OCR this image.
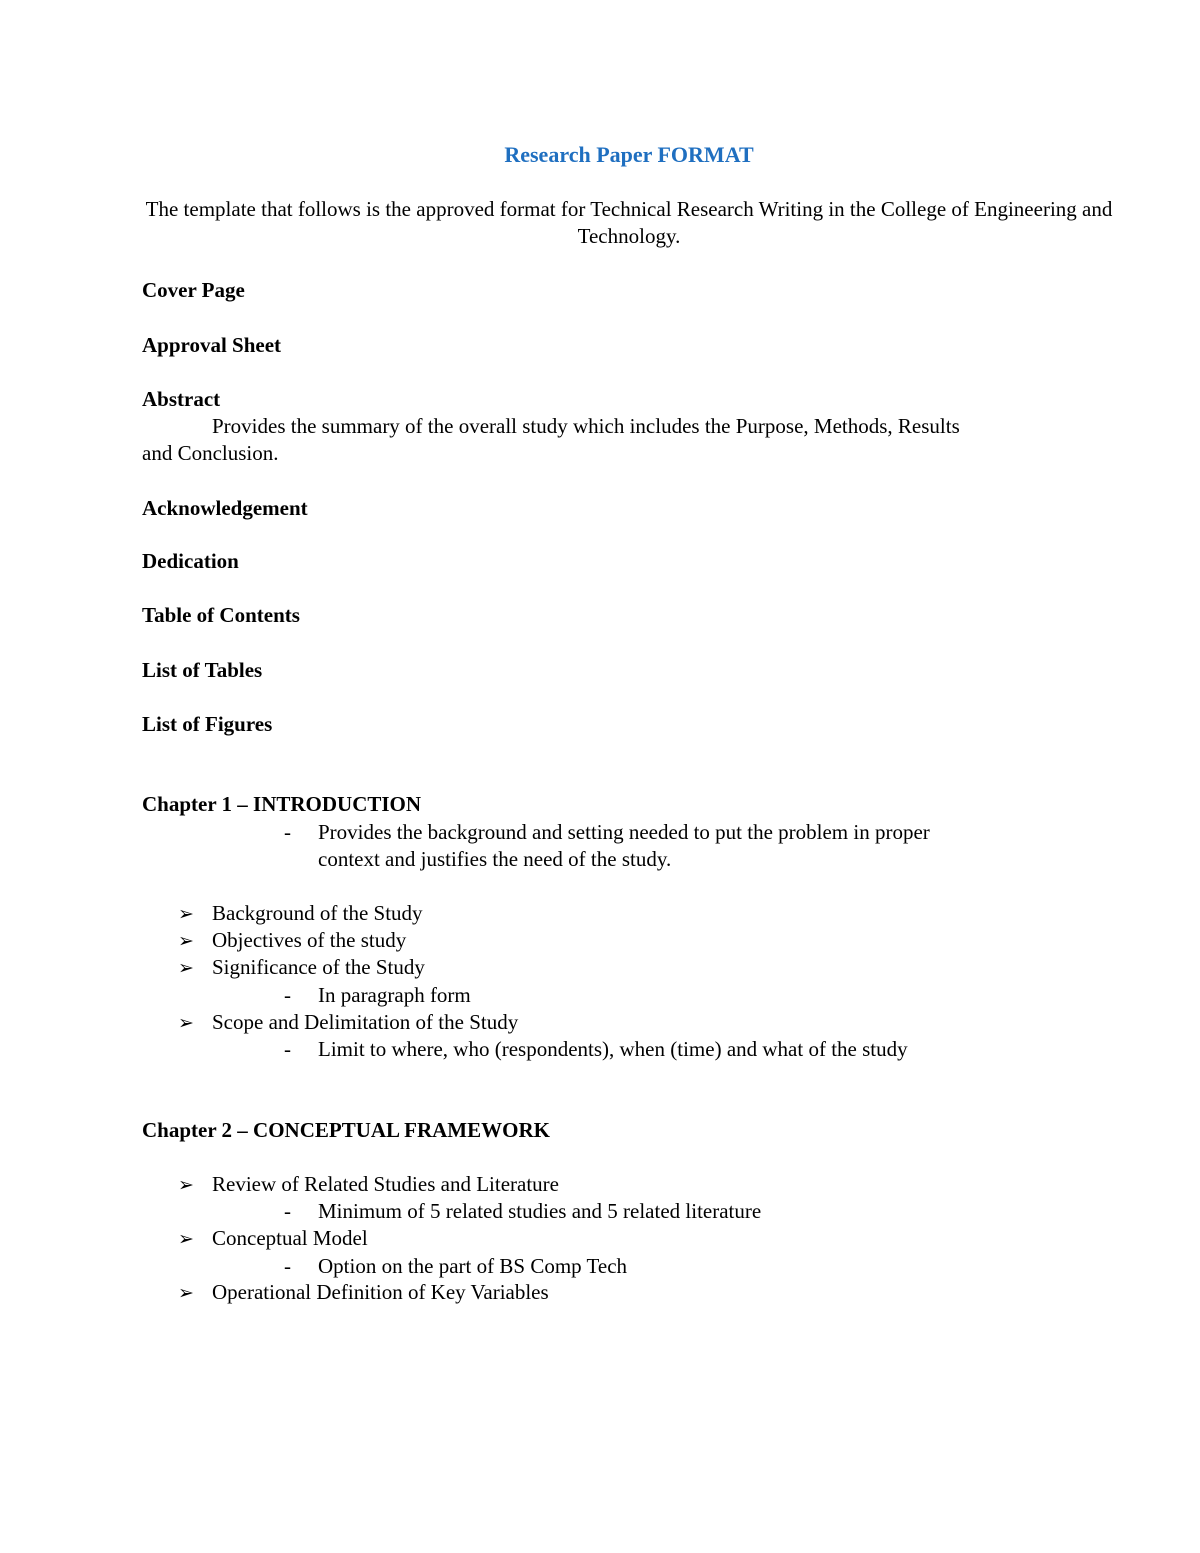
Research Paper FORMAT
The template that follows is the approved format for Technical Research Writing in the College of Engineering and Technology.
Cover Page
Approval Sheet
Abstract
Provides the summary of the overall study which includes the Purpose, Methods, Results
and Conclusion.
Acknowledgement
Dedication
Table of Contents
List of Tables
List of Figures
Chapter 1 – INTRODUCTION
- Provides the background and setting needed to put the problem in proper
context and justifies the need of the study.
➢ Background of the Study
➢ Objectives of the study
➢ Significance of the Study
- In paragraph form
➢ Scope and Delimitation of the Study
- Limit to where, who (respondents), when (time) and what of the study
Chapter 2 – CONCEPTUAL FRAMEWORK
➢ Review of Related Studies and Literature
- Minimum of 5 related studies and 5 related literature
➢ Conceptual Model
- Option on the part of BS Comp Tech
➢ Operational Definition of Key Variables
